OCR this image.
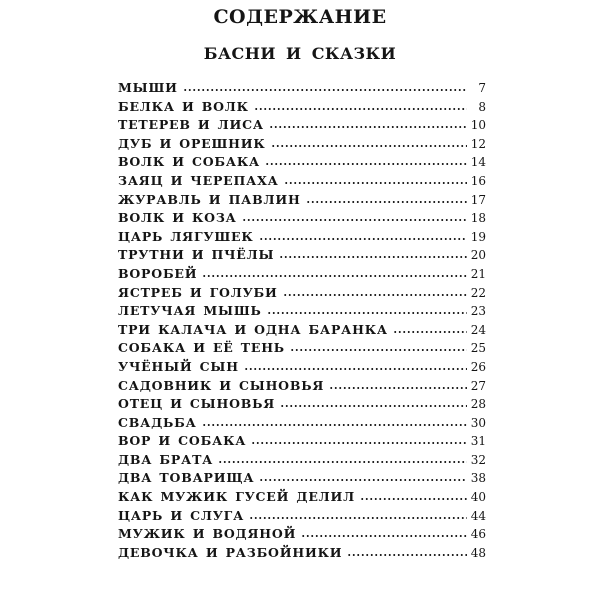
СОДЕРЖАНИЕ
БАСНИ И СКАЗКИ
МЫШИ	7
БЕЛКА И ВОЛК	8
ТЕТЕРЕВ И ЛИСА	10
ДУБ И ОРЕШНИК	12
ВОЛК И СОБАКА	14
ЗАЯЦ И ЧЕРЕПАХА	16
ЖУРАВЛЬ И ПАВЛИН	17
ВОЛК И КОЗА	18
ЦАРЬ ЛЯГУШЕК	19
ТРУТНИ И ПЧЁЛЫ	20
ВОРОБЕЙ	21
ЯСТРЕБ И ГОЛУБИ	22
ЛЕТУЧАЯ МЫШЬ	23
ТРИ КАЛАЧА И ОДНА БАРАНКА	24
СОБАКА И ЕЁ ТЕНЬ	25
УЧЁНЫЙ СЫН	26
САДОВНИК И СЫНОВЬЯ	27
ОТЕЦ И СЫНОВЬЯ	28
СВАДЬБА	30
ВОР И СОБАКА	31
ДВА БРАТА	32
ДВА ТОВАРИЩА	38
КАК МУЖИК ГУСЕЙ ДЕЛИЛ	40
ЦАРЬ И СЛУГА	44
МУЖИК И ВОДЯНОЙ	46
ДЕВОЧКА И РАЗБОЙНИКИ	48
